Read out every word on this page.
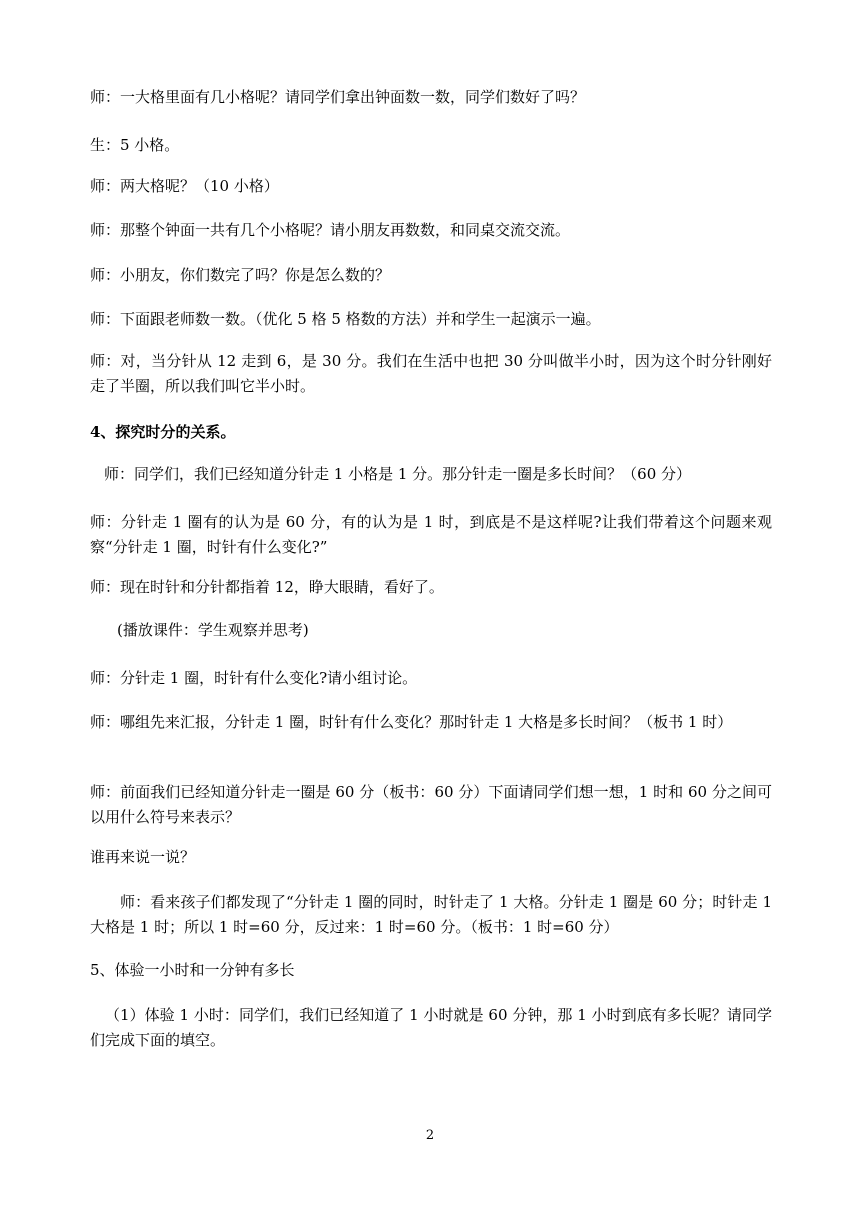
师：一大格里面有几小格呢？请同学们拿出钟面数一数，同学们数好了吗？

生：5 小格。

师：两大格呢？（10 小格）

师：那整个钟面一共有几个小格呢？请小朋友再数数，和同桌交流交流。

师：小朋友，你们数完了吗？你是怎么数的？

师：下面跟老师数一数。（优化 5 格 5 格数的方法）并和学生一起演示一遍。

师：对，当分针从 12 走到 6，是 30 分。我们在生活中也把 30 分叫做半小时，因为这个时分针刚好走了半圈，所以我们叫它半小时。

4、探究时分的关系。

师：同学们，我们已经知道分针走 1 小格是 1 分。那分针走一圈是多长时间？（60 分）

师：分针走 1 圈有的认为是 60 分，有的认为是 1 时，到底是不是这样呢?让我们带着这个问题来观察“分针走 1 圈，时针有什么变化?”

师：现在时针和分针都指着 12，睁大眼睛，看好了。

(播放课件：学生观察并思考)

师：分针走 1 圈，时针有什么变化?请小组讨论。

师：哪组先来汇报，分针走 1 圈，时针有什么变化？那时针走 1 大格是多长时间？（板书 1 时）

师：前面我们已经知道分针走一圈是 60 分（板书：60 分）下面请同学们想一想，1 时和 60 分之间可以用什么符号来表示？

谁再来说一说？

师：看来孩子们都发现了“分针走 1 圈的同时，时针走了 1 大格。分针走 1 圈是 60 分；时针走 1 大格是 1 时；所以 1 时=60 分，反过来：1 时=60 分。（板书：1 时=60 分）

5、体验一小时和一分钟有多长

（1）体验 1 小时：同学们，我们已经知道了 1 小时就是 60 分钟，那 1 小时到底有多长呢？请同学们完成下面的填空。

2
